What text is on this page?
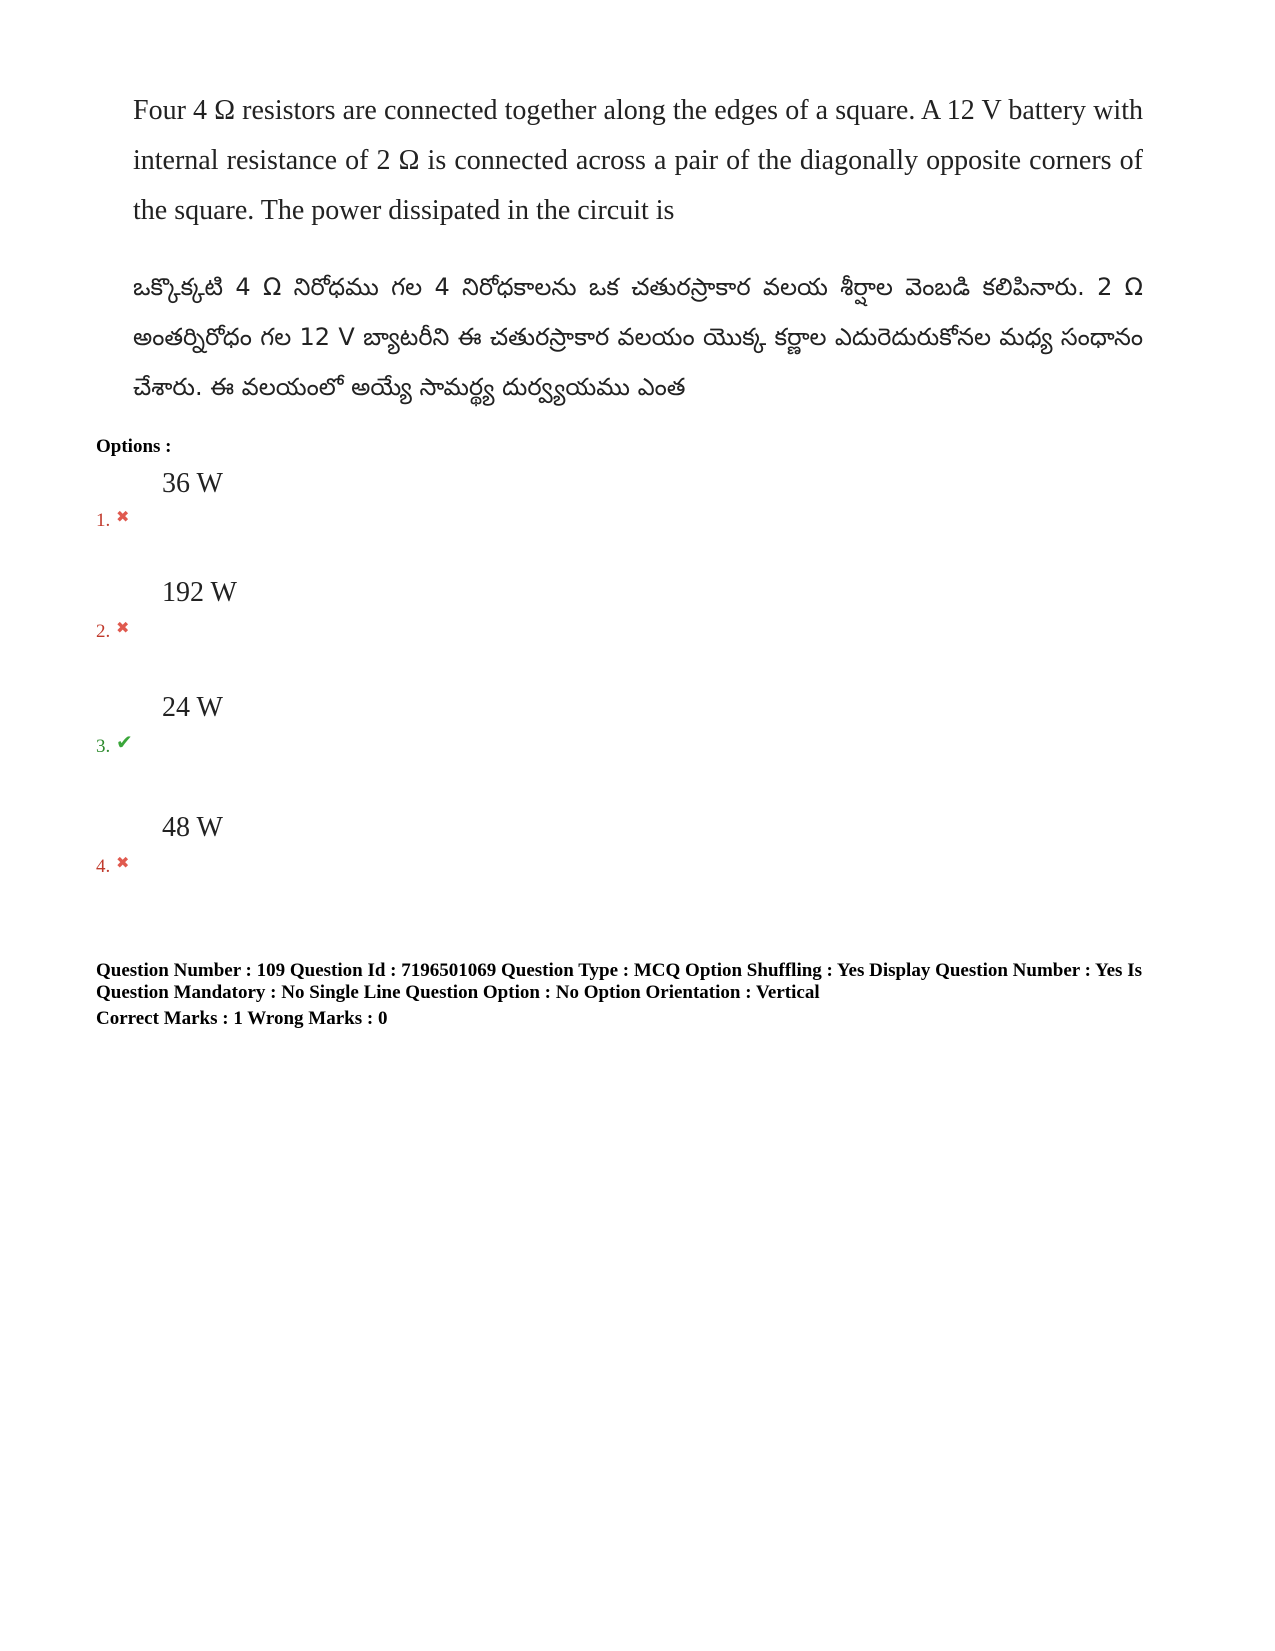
Four 4 Ω resistors are connected together along the edges of a square. A 12 V battery with internal resistance of 2 Ω is connected across a pair of the diagonally opposite corners of the square. The power dissipated in the circuit is

ఒక్కొక్కటి 4 Ω నిరోధము గల 4 నిరోధకాలను ఒక చతురస్రాకార వలయ శీర్షాల వెంబడి కలిపినారు. 2 Ω అంతర్నిరోధం గల 12 V బ్యాటరీని ఈ చతురస్రాకార వలయం యొక్క కర్ణాల ఎదురెదురుకోనల మధ్య సంధానం చేశారు. ఈ వలయంలో అయ్యే సామర్థ్య దుర్వ్యయము ఎంత

Options :
36 W
1. ✖
192 W
2. ✖
24 W
3. ✔
48 W
4. ✖

Question Number : 109 Question Id : 7196501069 Question Type : MCQ Option Shuffling : Yes Display Question Number : Yes Is Question Mandatory : No Single Line Question Option : No Option Orientation : Vertical

Correct Marks : 1 Wrong Marks : 0
